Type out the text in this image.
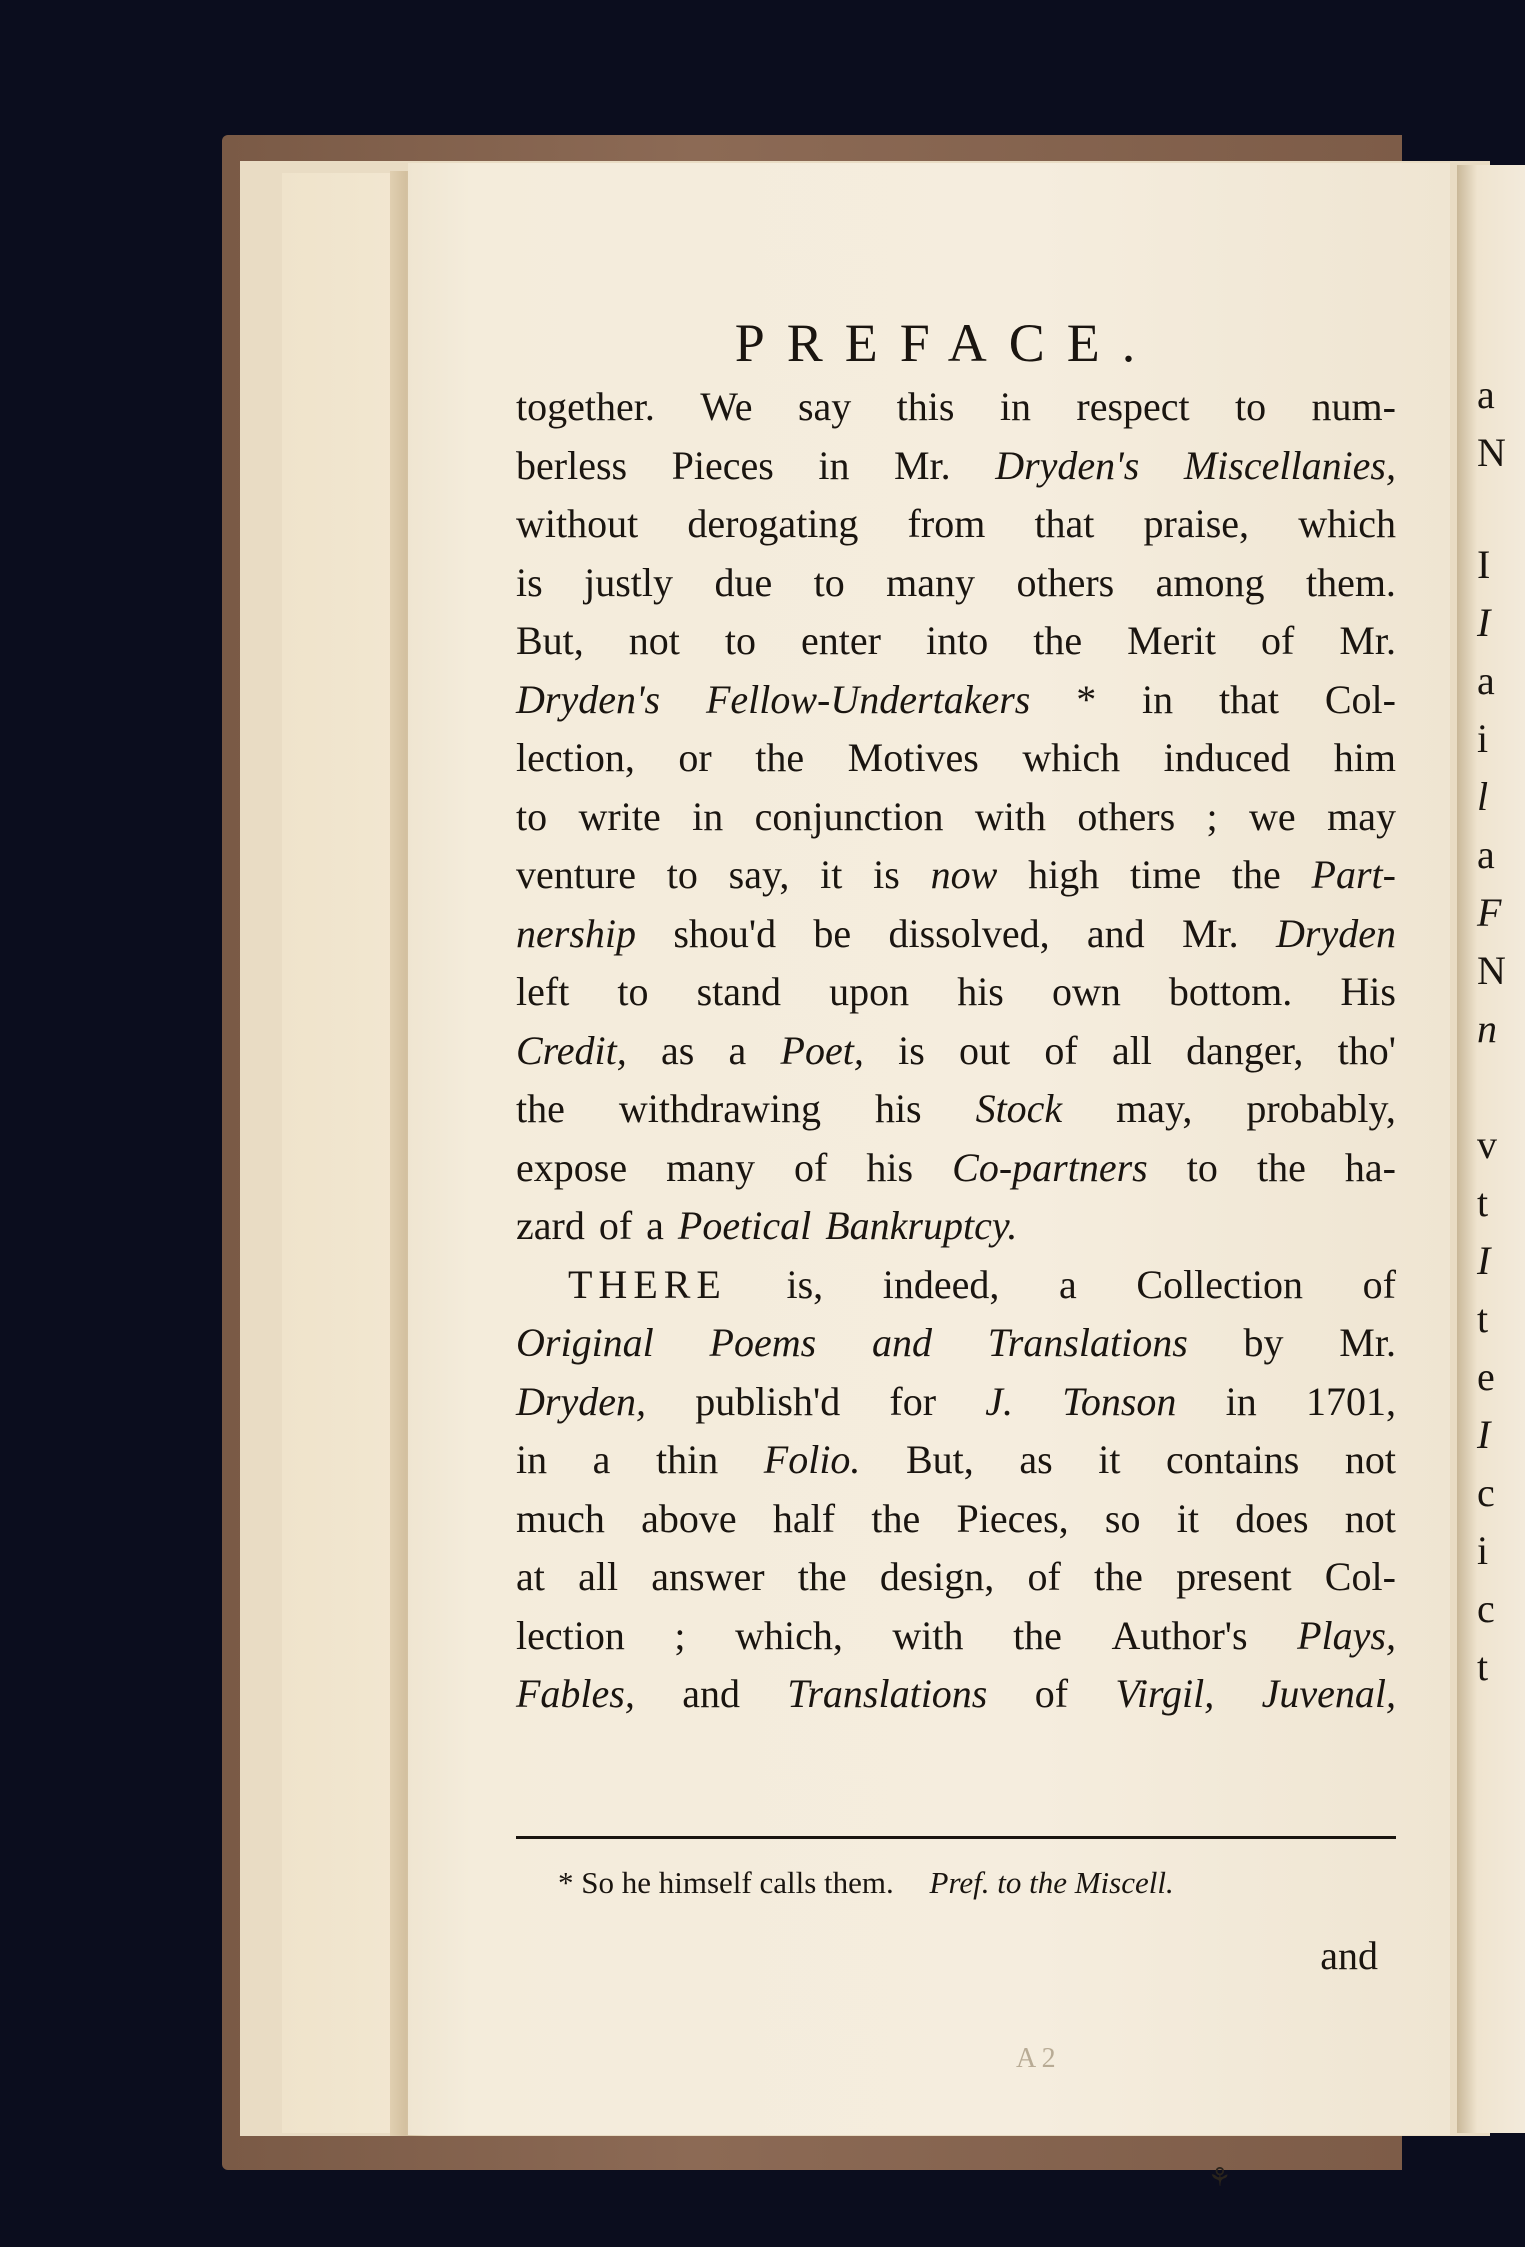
PREFACE.
together. We say this in respect to num-
berless Pieces in Mr. Dryden's Miscellanies,
without derogating from that praise, which
is justly due to many others among them.
But, not to enter into the Merit of Mr.
Dryden's Fellow-Undertakers * in that Col-
lection, or the Motives which induced him
to write in conjunction with others ; we may
venture to say, it is now high time the Part-
nership shou'd be dissolved, and Mr. Dryden
left to stand upon his own bottom. His
Credit, as a Poet, is out of all danger, tho'
the withdrawing his Stock may, probably,
expose many of his Co-partners to the ha-
zard of a Poetical Bankruptcy.
THERE is, indeed, a Collection of
Original Poems and Translations by Mr.
Dryden, publish'd for J. Tonson in 1701,
in a thin Folio. But, as it contains not
much above half the Pieces, so it does not
at all answer the design, of the present Col-
lection ; which, with the Author's Plays,
Fables, and Translations of Virgil, Juvenal,
* So he himself calls them. Pref. to the Miscell.
and
A 2
⚘
a
N
I
I
a
i
l
a
F
N
n
v
t
I
t
e
I
c
i
c
t
